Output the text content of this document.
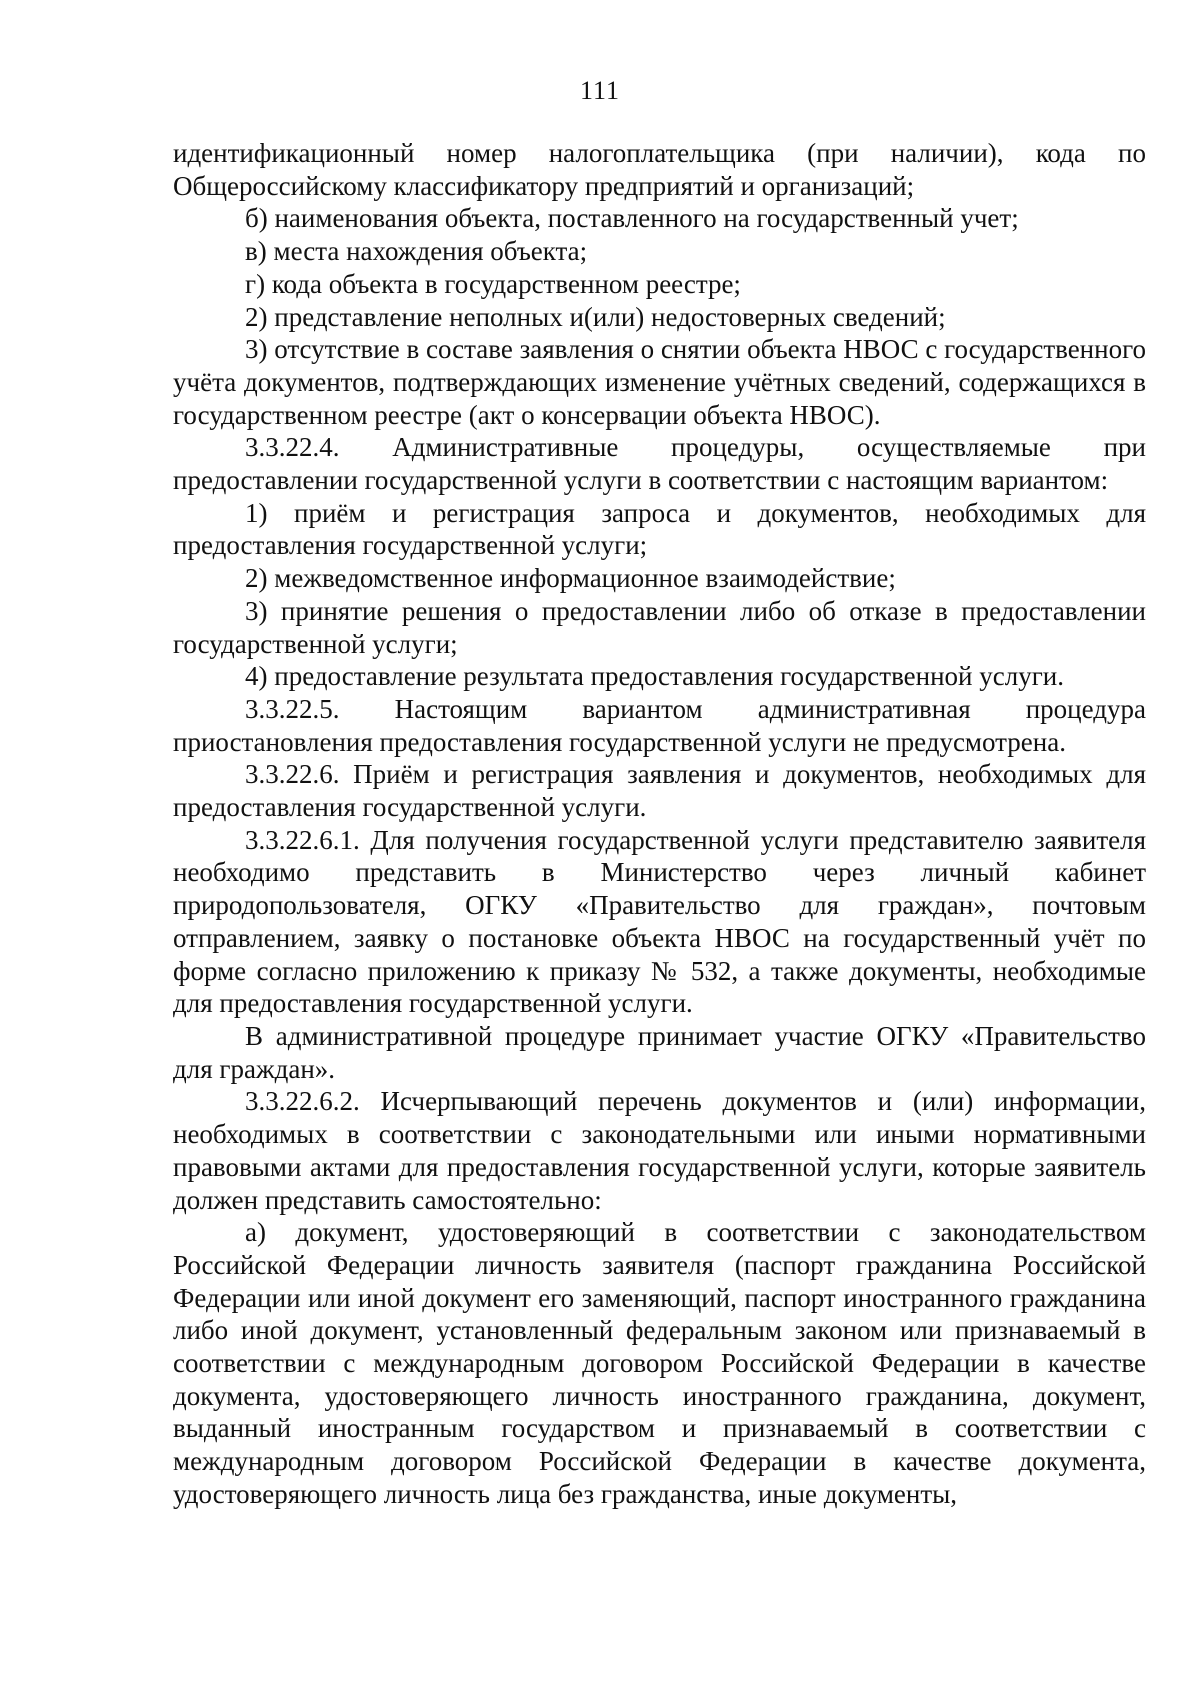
111

идентификационный номер налогоплательщика (при наличии), кода по Общероссийскому классификатору предприятий и организаций;

б) наименования объекта, поставленного на государственный учет;

в) места нахождения объекта;

г) кода объекта в государственном реестре;

2) представление неполных и(или) недостоверных сведений;

3) отсутствие в составе заявления о снятии объекта НВОС с государственного учёта документов, подтверждающих изменение учётных сведений, содержащихся в государственном реестре (акт о консервации объекта НВОС).

3.3.22.4. Административные процедуры, осуществляемые при предоставлении государственной услуги в соответствии с настоящим вариантом:

1) приём и регистрация запроса и документов, необходимых для предоставления государственной услуги;

2) межведомственное информационное взаимодействие;

3) принятие решения о предоставлении либо об отказе в предоставлении государственной услуги;

4) предоставление результата предоставления государственной услуги.

3.3.22.5. Настоящим вариантом административная процедура приостановления предоставления государственной услуги не предусмотрена.

3.3.22.6. Приём и регистрация заявления и документов, необходимых для предоставления государственной услуги.

3.3.22.6.1. Для получения государственной услуги представителю заявителя необходимо представить в Министерство через личный кабинет природопользователя, ОГКУ «Правительство для граждан», почтовым отправлением, заявку о постановке объекта НВОС на государственный учёт по форме согласно приложению к приказу № 532, а также документы, необходимые для предоставления государственной услуги.

В административной процедуре принимает участие ОГКУ «Правительство для граждан».

3.3.22.6.2. Исчерпывающий перечень документов и (или) информации, необходимых в соответствии с законодательными или иными нормативными правовыми актами для предоставления государственной услуги, которые заявитель должен представить самостоятельно:

а) документ, удостоверяющий в соответствии с законодательством Российской Федерации личность заявителя (паспорт гражданина Российской Федерации или иной документ его заменяющий, паспорт иностранного гражданина либо иной документ, установленный федеральным законом или признаваемый в соответствии с международным договором Российской Федерации в качестве документа, удостоверяющего личность иностранного гражданина, документ, выданный иностранным государством и признаваемый в соответствии с международным договором Российской Федерации в качестве документа, удостоверяющего личность лица без гражданства, иные документы,
